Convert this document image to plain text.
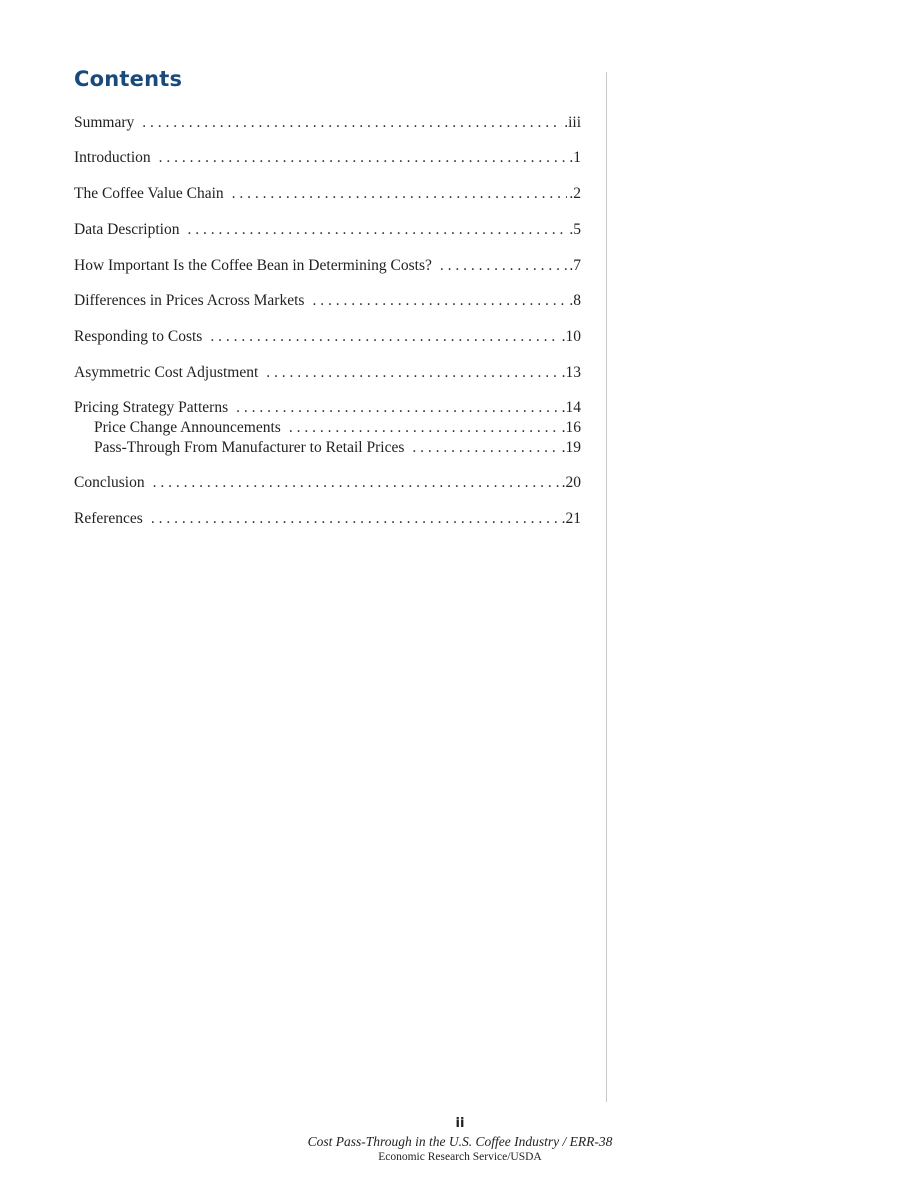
Contents
Summary . . .	.iii
Introduction . . .	.1
The Coffee Value Chain . . .	.2
Data Description . . .	.5
How Important Is the Coffee Bean in Determining Costs? . . .	.7
Differences in Prices Across Markets . . .	.8
Responding to Costs . . .	.10
Asymmetric Cost Adjustment . . .	.13
Pricing Strategy Patterns . . .	.14
Price Change Announcements . . .	.16
Pass-Through From Manufacturer to Retail Prices . . .	.19
Conclusion . . .	.20
References . . .	.21
ii
Cost Pass-Through in the U.S. Coffee Industry / ERR-38
Economic Research Service/USDA
